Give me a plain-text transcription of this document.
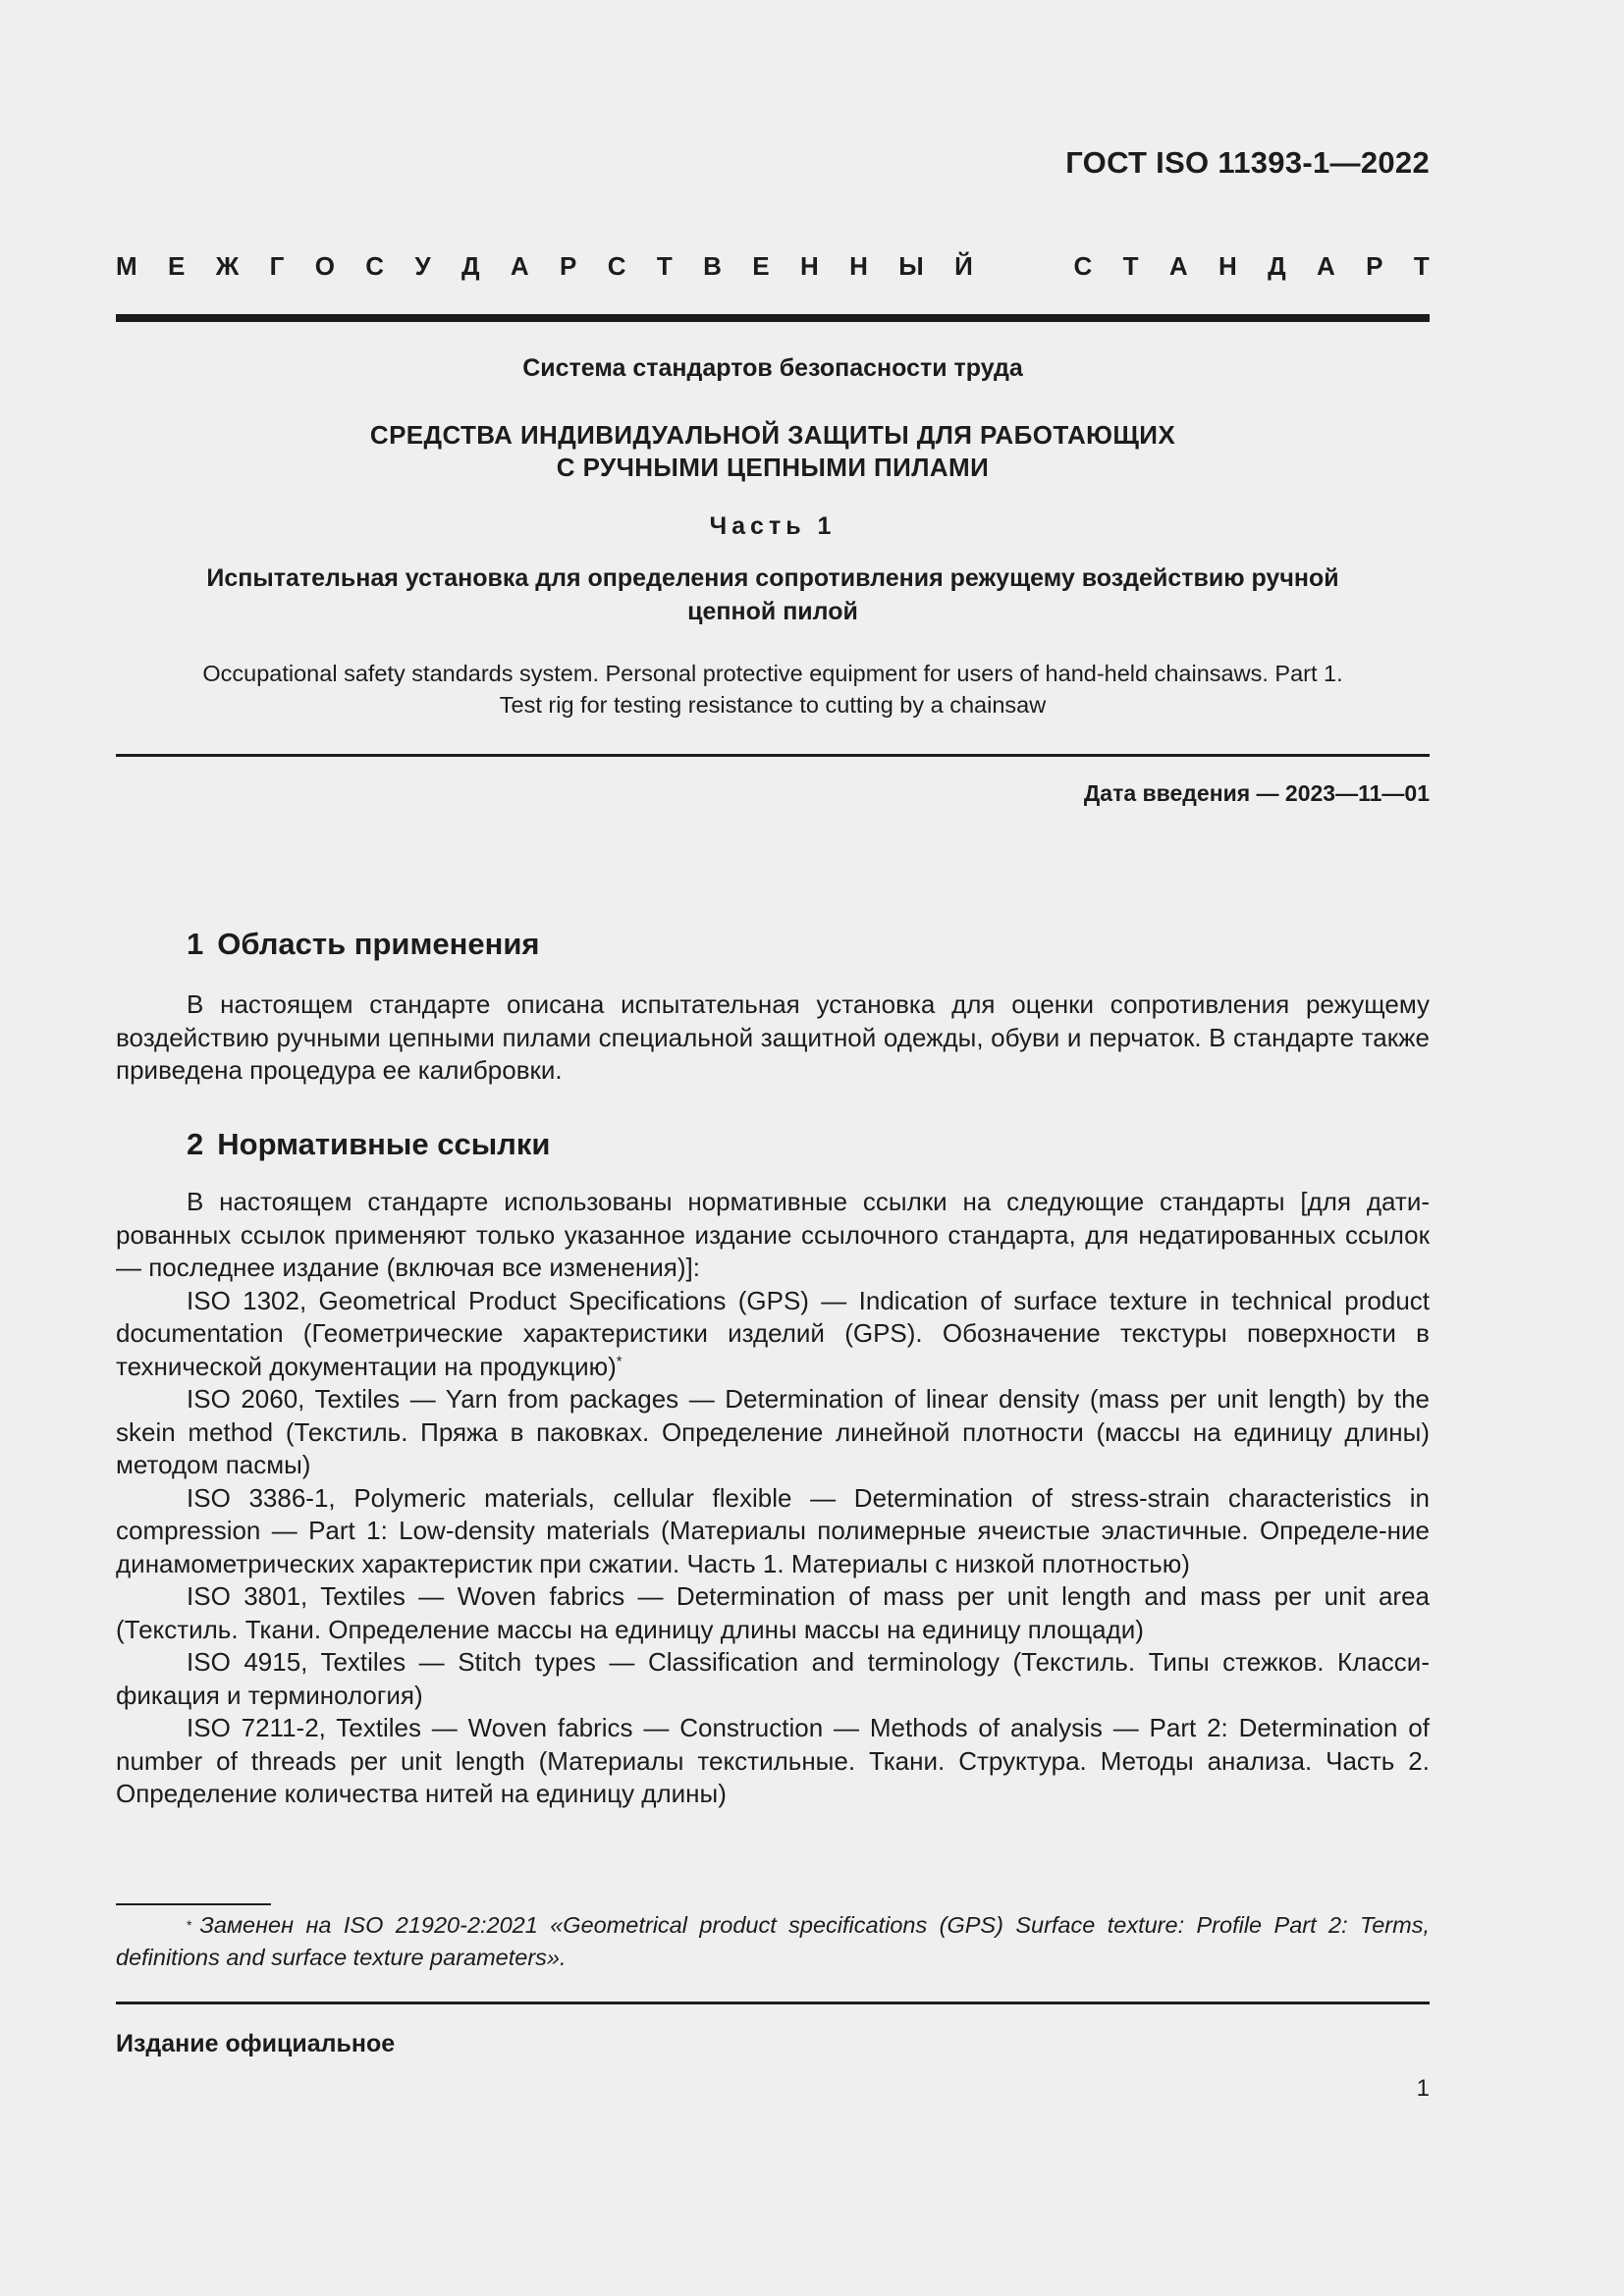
ГОСТ ISO 11393-1—2022
М Е Ж Г О С У Д А Р С Т В Е Н Н Ы Й	С Т А Н Д А Р Т
Система стандартов безопасности труда
СРЕДСТВА ИНДИВИДУАЛЬНОЙ ЗАЩИТЫ ДЛЯ РАБОТАЮЩИХ
С РУЧНЫМИ ЦЕПНЫМИ ПИЛАМИ
Часть 1
Испытательная установка для определения сопротивления режущему воздействию ручной
цепной пилой
Occupational safety standards system. Personal protective equipment for users of hand-held chainsaws. Part 1.
Test rig for testing resistance to cutting by a chainsaw
Дата введения — 2023—11—01
1 Область применения

В настоящем стандарте описана испытательная установка для оценки сопротивления режущему воздействию ручными цепными пилами специальной защитной одежды, обуви и перчаток. В стандарте также приведена процедура ее калибровки.

2 Нормативные ссылки

В настоящем стандарте использованы нормативные ссылки на следующие стандарты [для дати-рованных ссылок применяют только указанное издание ссылочного стандарта, для недатированных ссылок — последнее издание (включая все изменения)]:

ISO 1302, Geometrical Product Specifications (GPS) — Indication of surface texture in technical product documentation (Геометрические характеристики изделий (GPS). Обозначение текстуры поверхности в технической документации на продукцию)*

ISO 2060, Textiles — Yarn from packages — Determination of linear density (mass per unit length) by the skein method (Текстиль. Пряжа в паковках. Определение линейной плотности (массы на единицу длины) методом пасмы)

ISO 3386-1, Polymeric materials, cellular flexible — Determination of stress-strain characteristics in compression — Part 1: Low-density materials (Материалы полимерные ячеистые эластичные. Определе-ние динамометрических характеристик при сжатии. Часть 1. Материалы с низкой плотностью)

ISO 3801, Textiles — Woven fabrics — Determination of mass per unit length and mass per unit area (Текстиль. Ткани. Определение массы на единицу длины массы на единицу площади)

ISO 4915, Textiles — Stitch types — Classification and terminology (Текстиль. Типы стежков. Класси-фикация и терминология)

ISO 7211-2, Textiles — Woven fabrics — Construction — Methods of analysis — Part 2: Determination of number of threads per unit length (Материалы текстильные. Ткани. Структура. Методы анализа. Часть 2. Определение количества нитей на единицу длины)

* Заменен на ISO 21920-2:2021 «Geometrical product specifications (GPS) Surface texture: Profile Part 2: Terms, definitions and surface texture parameters».
Издание официальное
1
